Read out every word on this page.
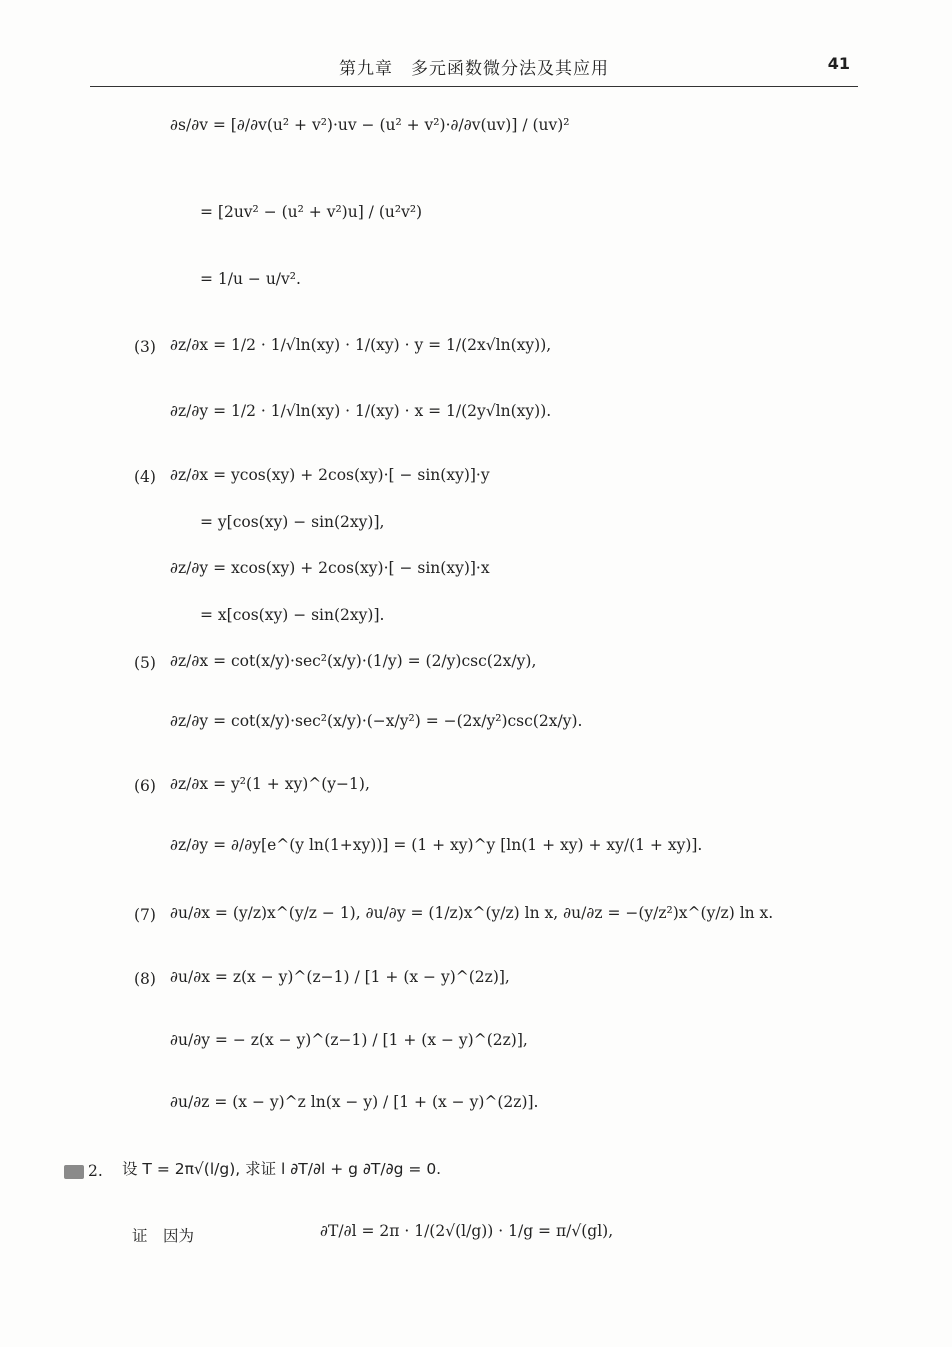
第九章　多元函数微分法及其应用	41
∂s/∂v = [∂/∂v(u² + v²)·uv − (u² + v²)·∂/∂v(uv)] / (uv)²
= [2uv² − (u² + v²)u] / (u²v²)
= 1/u − u/v².
(3) ∂z/∂x = 1/2 · 1/√ln(xy) · 1/(xy) · y = 1/(2x√ln(xy)),
∂z/∂y = 1/2 · 1/√ln(xy) · 1/(xy) · x = 1/(2y√ln(xy)).
(4) ∂z/∂x = ycos(xy) + 2cos(xy)·[ − sin(xy)]·y
= y[cos(xy) − sin(2xy)],
∂z/∂y = xcos(xy) + 2cos(xy)·[ − sin(xy)]·x
= x[cos(xy) − sin(2xy)].
(5) ∂z/∂x = cot(x/y)·sec²(x/y)·(1/y) = (2/y)csc(2x/y),
∂z/∂y = cot(x/y)·sec²(x/y)·(−x/y²) = −(2x/y²)csc(2x/y).
(6) ∂z/∂x = y²(1 + xy)^(y−1),
∂z/∂y = ∂/∂y[e^(y ln(1+xy))] = (1 + xy)^y [ln(1 + xy) + xy/(1 + xy)].
(7) ∂u/∂x = (y/z)x^(y/z − 1), ∂u/∂y = (1/z)x^(y/z) ln x, ∂u/∂z = −(y/z²)x^(y/z) ln x.
(8) ∂u/∂x = z(x − y)^(z−1) / [1 + (x − y)^(2z)],
∂u/∂y = − z(x − y)^(z−1) / [1 + (x − y)^(2z)],
∂u/∂z = (x − y)^z ln(x − y) / [1 + (x − y)^(2z)].
2. 设 T = 2π√(l/g), 求证 l ∂T/∂l + g ∂T/∂g = 0.
证　因为	∂T/∂l = 2π · 1/(2√(l/g)) · 1/g = π/√(gl),
